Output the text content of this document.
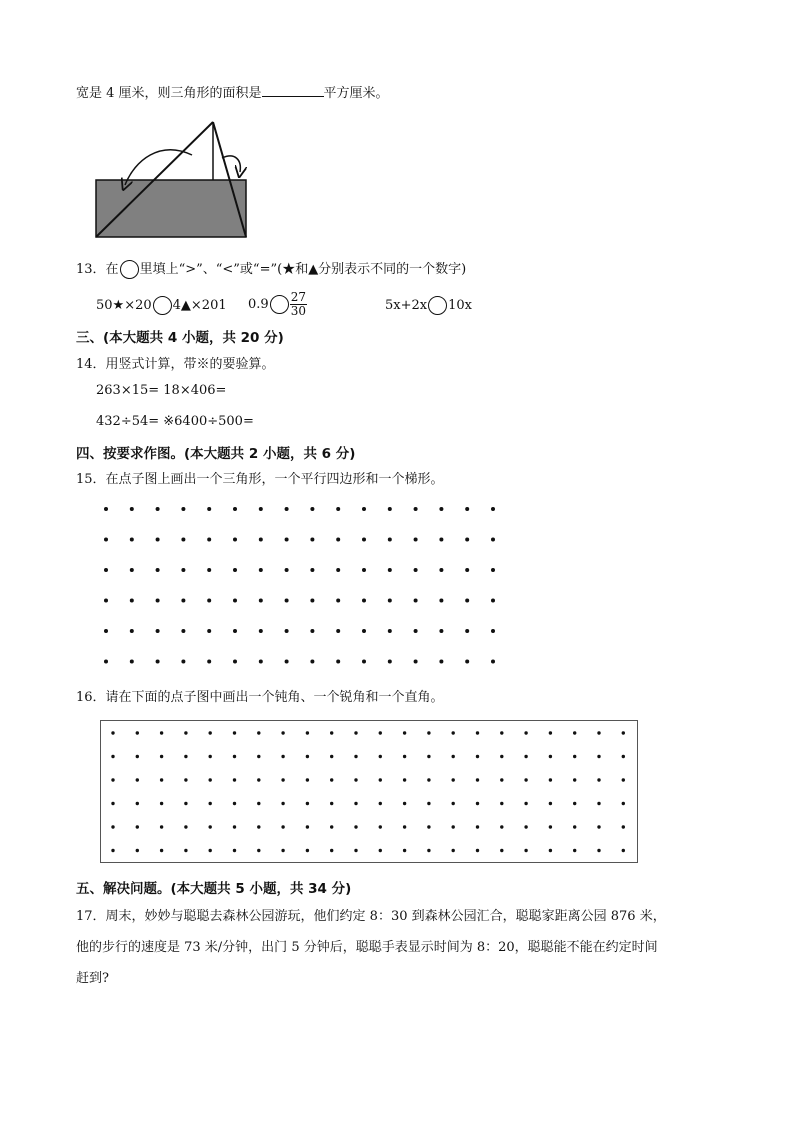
宽是 4 厘米，则三角形的面积是	平方厘米。
13．在 里填上“>”、“<”或“=”(★和▲分别表示不同的一个数字)
50★×20 4▲×201 $0.9 \frac{27}{30}$	5x+2x 10x
三、(本大题共 4 小题，共 20 分)
14．用竖式计算，带※的要验算。
263×15= 18×406=
432÷54= ※6400÷500=
四、按要求作图。(本大题共 2 小题，共 6 分)
15．在点子图上画出一个三角形，一个平行四边形和一个梯形。
16．请在下面的点子图中画出一个钝角、一个锐角和一个直角。
五、解决问题。(本大题共 5 小题，共 34 分)
17．周末，妙妙与聪聪去森林公园游玩，他们约定 8：30 到森林公园汇合，聪聪家距离公园 876 米，
他的步行的速度是 73 米/分钟，出门 5 分钟后，聪聪手表显示时间为 8：20，聪聪能不能在约定时间
赶到?
